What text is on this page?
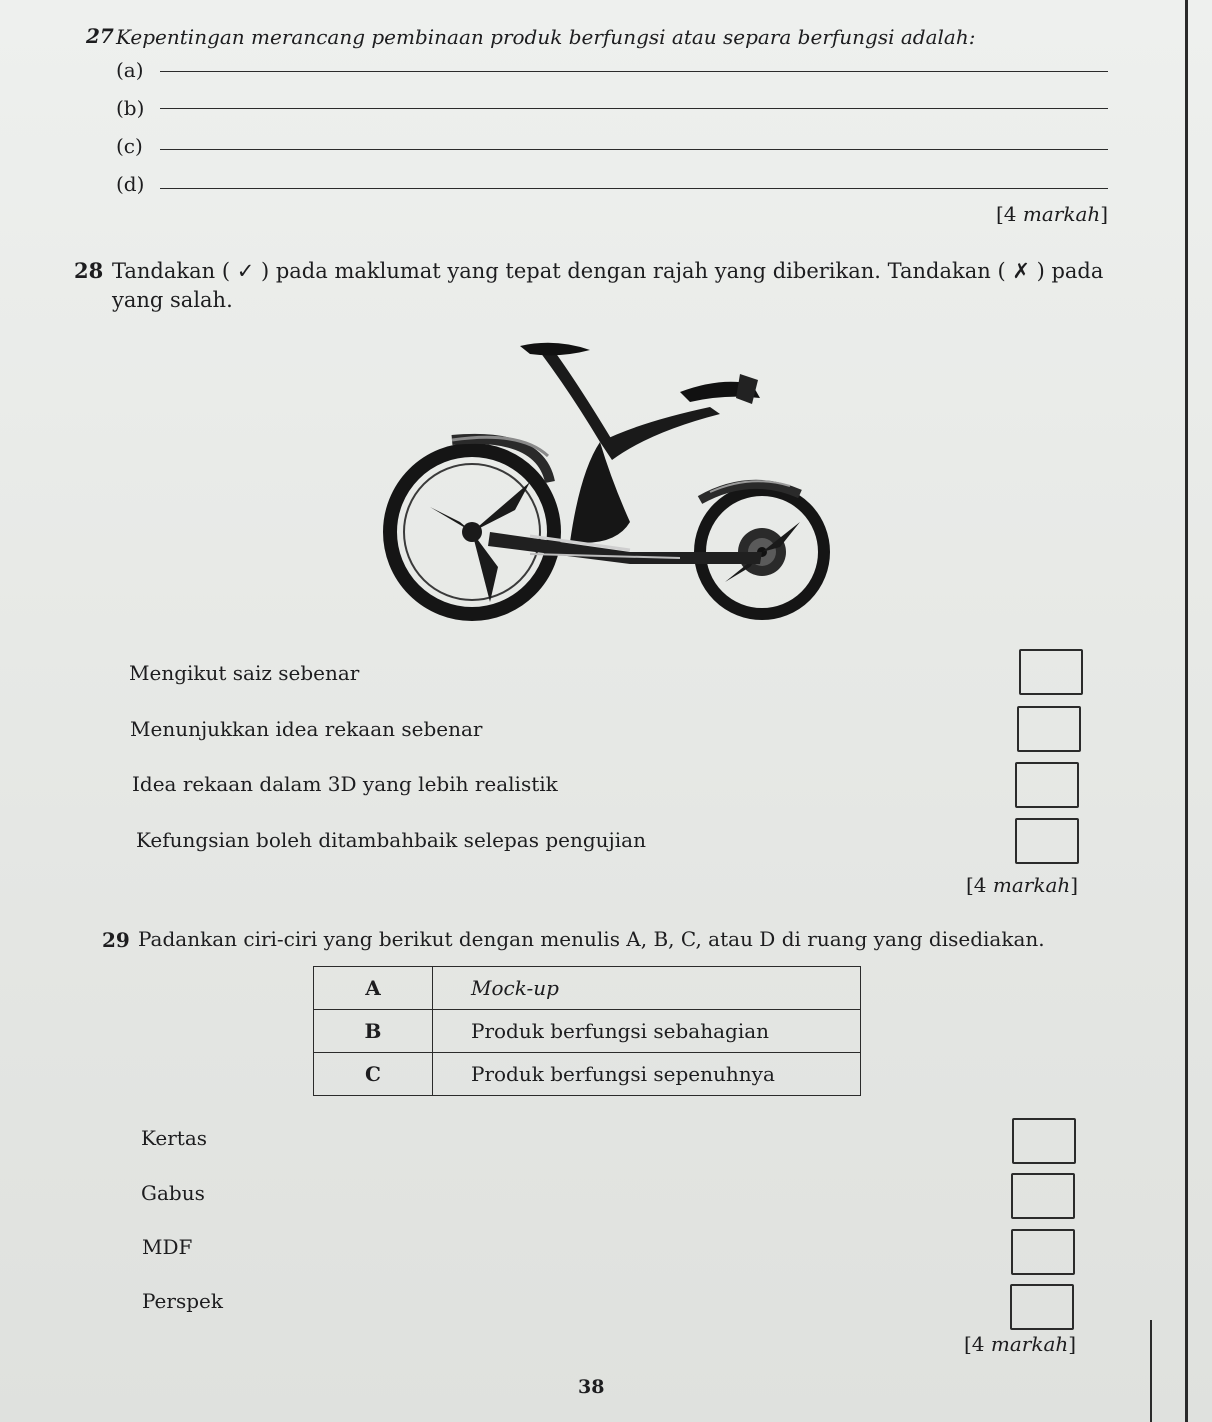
27 Kepentingan merancang pembinaan produk berfungsi atau separa berfungsi adalah:
(a)
(b)
(c)
(d)
[4 markah]
28 Tandakan ( ✓ ) pada maklumat yang tepat dengan rajah yang diberikan. Tandakan ( ✗ ) pada
yang salah.
Mengikut saiz sebenar
Menunjukkan idea rekaan sebenar
Idea rekaan dalam 3D yang lebih realistik
Kefungsian boleh ditambahbaik selepas pengujian
[4 markah]
29 Padankan ciri-ciri yang berikut dengan menulis A, B, C, atau D di ruang yang disediakan.
A	Mock-up
B	Produk berfungsi sebahagian
C	Produk berfungsi sepenuhnya
Kertas
Gabus
MDF
Perspek
[4 markah]
38
